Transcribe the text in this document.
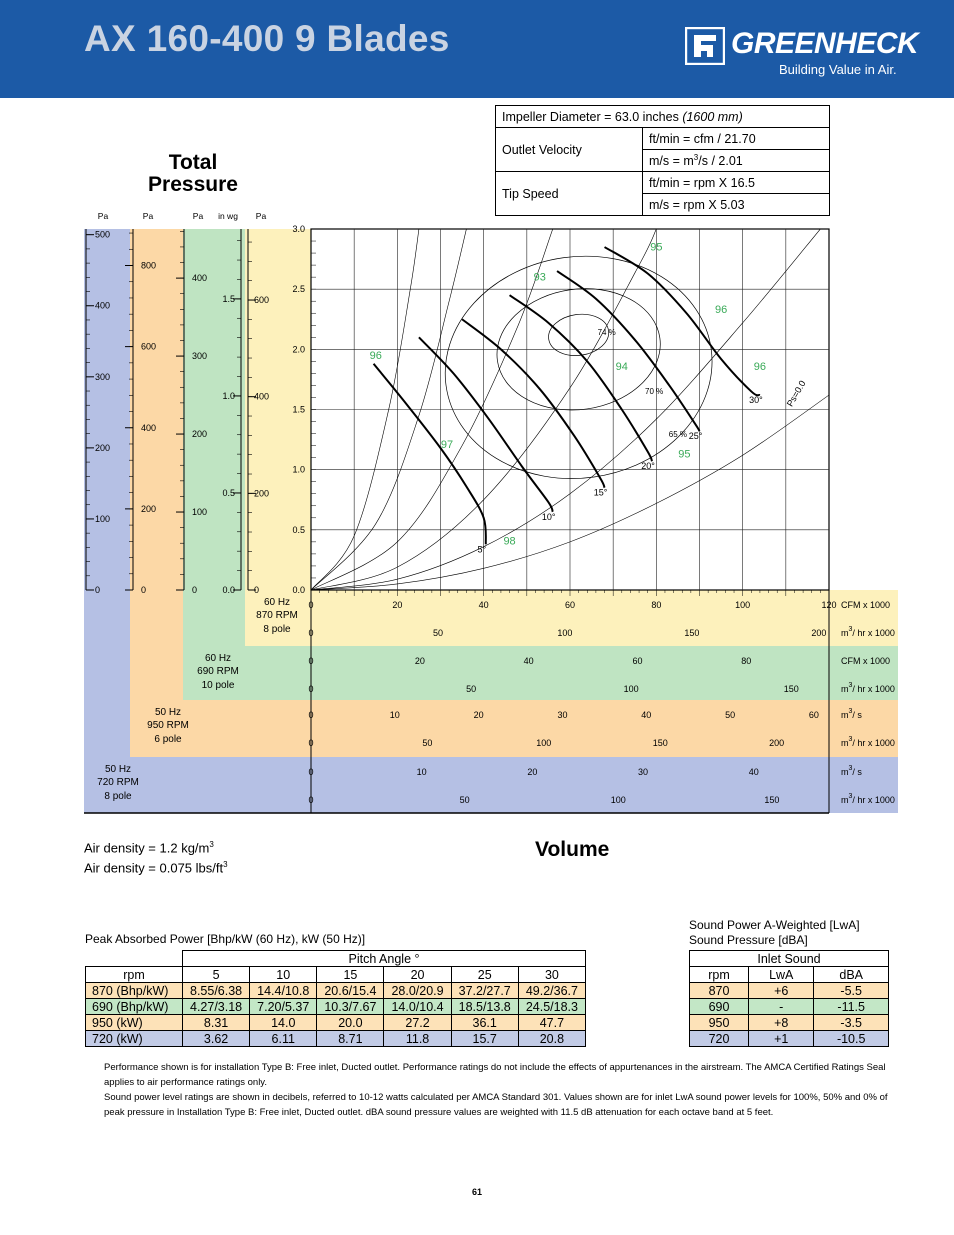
AX 160-400 9 Blades	GREENHECK
Building Value in Air.
Impeller Diameter = 63.0 inches (1600 mm)	
Outlet Velocity	ft/min = cfm / 21.70
	$m/s = m^3/s / 2.01$
Tip Speed	ft/min = rpm X 16.5
	m/s = rpm X 5.03
Total
Pressure
0
100
200
300
400
500
Pa
0
200
400
600
800
Pa
0
100
200
300
400
Pa
0.0
0.5
1.0
1.5
in wg
0
200
400
600
Pa
0.0
0.5
1.0
1.5
2.0
2.5
3.0
60 Hz
870 RPM
8 pole
0	20	40	60	80	100	120 CFM x 1000
0	50	100	150	200 $m^3/$ hr x 1000
60 Hz
690 RPM
10 pole
0	20	40	60	80	CFM x 1000
0	50	100	150	$m^3/$ hr x 1000
50 Hz
950 RPM
6 pole
0	10	20	30	40	50	60 $m^3/$ s
0	50	100	150	200	$m^3/$ hr x 1000
50 Hz
720 RPM
8 pole
0	10	20	30	40	$m^3/$ s
0	50	100	150	$m^3/$ hr x 1000
74 %
70 %
65 %
5°
10°
15°
20°
25°
30° Ps=0.0
95
93
96
96
94	96
97
95
98
Volume
Air density = 1.2 $kg/m^3$
Air density = 0.075 lbs/$ft^3$
Peak Absorbed Power [Bhp/kW (60 Hz), kW (50 Hz)]
	Pitch Angle °					
rpm	5	10	15	20	25	30
870 (Bhp/kW)	8.55/6.38	14.4/10.8	20.6/15.4	28.0/20.9	37.2/27.7	49.2/36.7
690 (Bhp/kW)	4.27/3.18	7.20/5.37	10.3/7.67	14.0/10.4	18.5/13.8	24.5/18.3
950 (kW)	8.31	14.0	20.0	27.2	36.1	47.7
720 (kW)	3.62	6.11	8.71	11.8	15.7	20.8
Sound Power A-Weighted [LwA]
Sound Pressure [dBA]
Inlet Sound		
rpm	LwA	dBA
870	+6	-5.5
690	-	-11.5
950	+8	-3.5
720	+1	-10.5

Performance shown is for installation Type B: Free inlet, Ducted outlet. Performance ratings do not include the effects of appurtenances in the airstream. The AMCA Certified Ratings Seal applies to air performance ratings only.

Sound power level ratings are shown in decibels, referred to 10-12 watts calculated per AMCA Standard 301. Values shown are for inlet LwA sound power levels for 100%, 50% and 0% of peak pressure in Installation Type B: Free inlet, Ducted outlet. dBA sound pressure values are weighted with 11.5 dB attenuation for each octave band at 5 feet.

61
